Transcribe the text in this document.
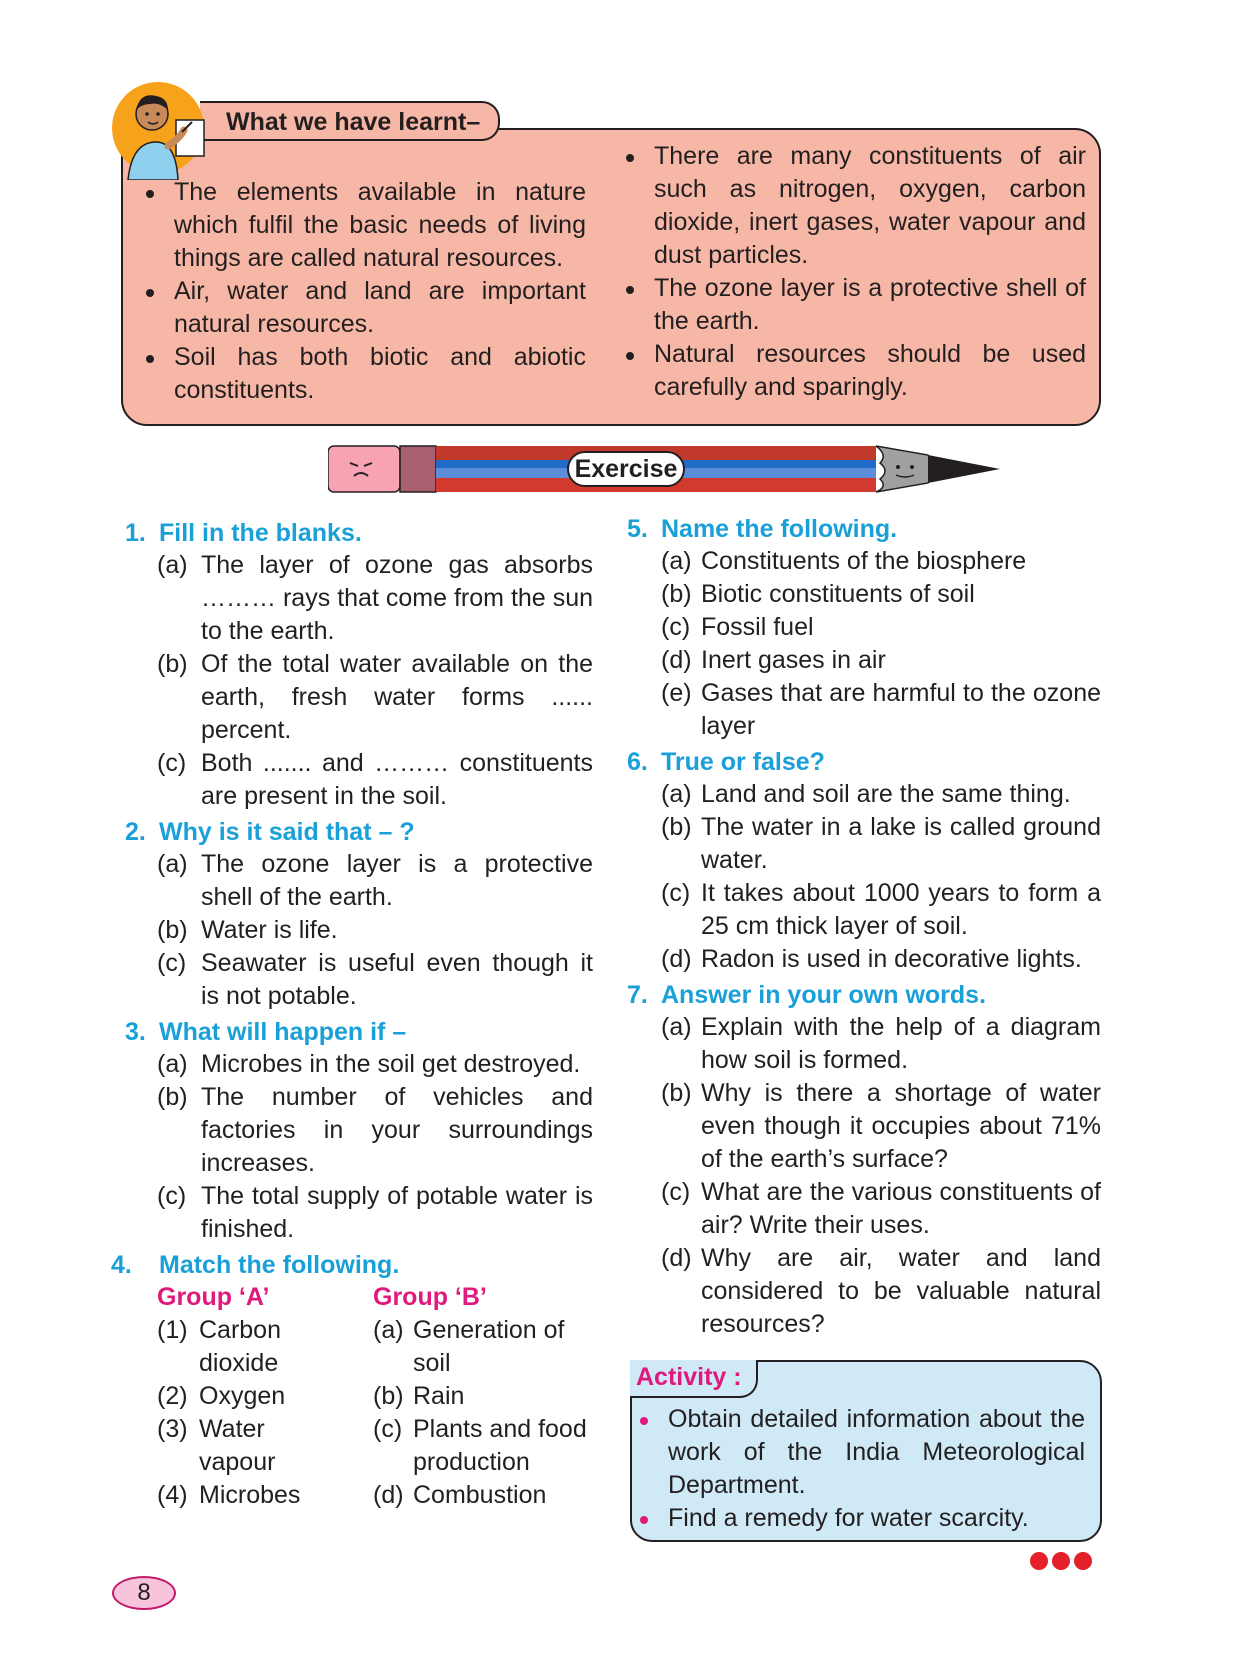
What we have learnt–
The elements available in nature which fulfil the basic needs of living things are called natural resources.
Air, water and land are important natural resources.
Soil has both biotic and abiotic constituents.
There are many constituents of air such as nitrogen, oxygen, carbon dioxide, inert gases, water vapour and dust particles.
The ozone layer is a protective shell of the earth.
Natural resources should be used carefully and sparingly.
Exercise
1. Fill in the blanks.
(a) The layer of ozone gas absorbs ……… rays that come from the sun to the earth.
(b) Of the total water available on the earth, fresh water forms ...... percent.
(c) Both ....... and ……… constituents are present in the soil.
2. Why is it said that – ?
(a) The ozone layer is a protective shell of the earth.
(b) Water is life.
(c) Seawater is useful even though it is not potable.
3. What will happen if –
(a) Microbes in the soil get destroyed.
(b) The number of vehicles and factories in your surroundings increases.
(c) The total supply of potable water is finished.
4. Match the following.
Group ‘A’	Group ‘B’
(1) Carbon dioxide
(2) Oxygen
(3) Water vapour
(4) Microbes
(a) Generation of soil
(b) Rain
(c) Plants and food production
(d) Combustion
5. Name the following.
(a) Constituents of the biosphere
(b) Biotic constituents of soil
(c) Fossil fuel
(d) Inert gases in air
(e) Gases that are harmful to the ozone layer
6. True or false?
(a) Land and soil are the same thing.
(b) The water in a lake is called ground water.
(c) It takes about 1000 years to form a 25 cm thick layer of soil.
(d) Radon is used in decorative lights.
7. Answer in your own words.
(a) Explain with the help of a diagram how soil is formed.
(b) Why is there a shortage of water even though it occupies about 71% of the earth’s surface?
(c) What are the various constituents of air? Write their uses.
(d) Why are air, water and land considered to be valuable natural resources?
Activity :
Obtain detailed information about the work of the India Meteorological Department.
Find a remedy for water scarcity.
8
